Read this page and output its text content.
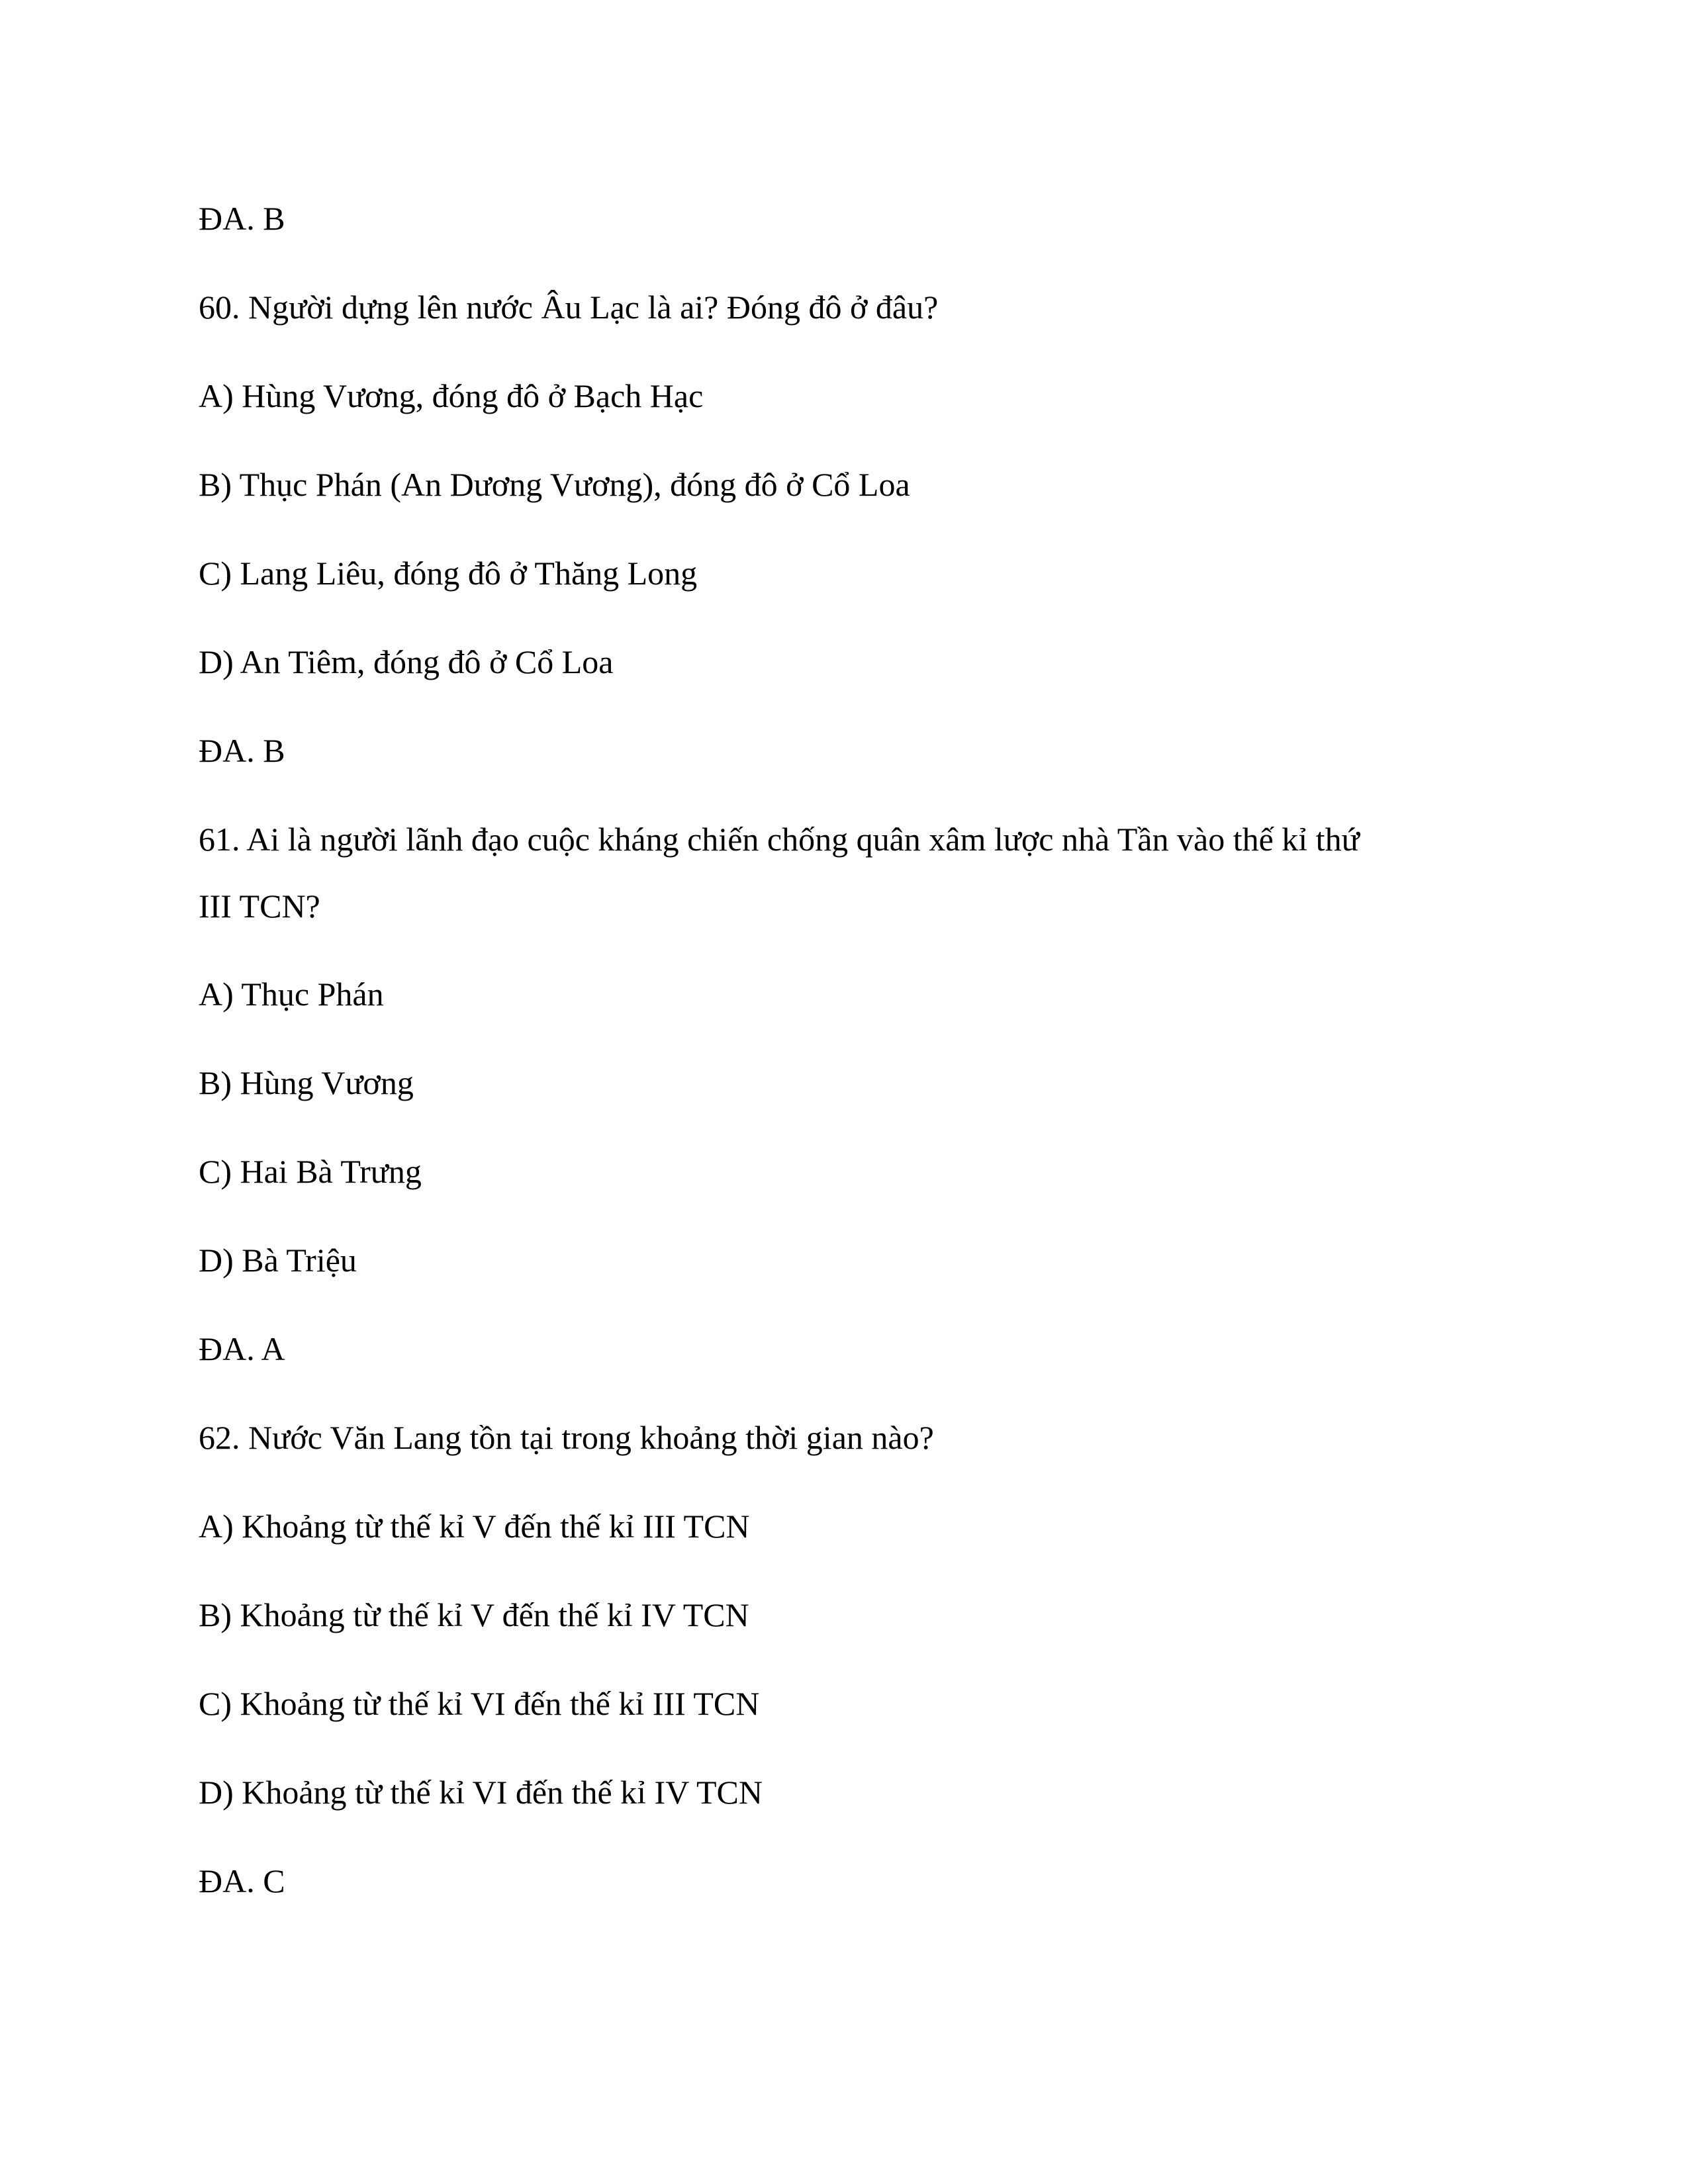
ĐA. B

60. Người dựng lên nước Âu Lạc là ai? Đóng đô ở đâu?

A) Hùng Vương, đóng đô ở Bạch Hạc

B) Thục Phán (An Dương Vương), đóng đô ở Cổ Loa

C) Lang Liêu, đóng đô ở Thăng Long

D) An Tiêm, đóng đô ở Cổ Loa

ĐA. B

61. Ai là người lãnh đạo cuộc kháng chiến chống quân xâm lược nhà Tần vào thế kỉ thứ

III TCN?

A) Thục Phán

B) Hùng Vương

C) Hai Bà Trưng

D) Bà Triệu

ĐA. A

62. Nước Văn Lang tồn tại trong khoảng thời gian nào?

A) Khoảng từ thế kỉ V đến thế kỉ III TCN

B) Khoảng từ thế kỉ V đến thế kỉ IV TCN

C) Khoảng từ thế kỉ VI đến thế kỉ III TCN

D) Khoảng từ thế kỉ VI đến thế kỉ IV TCN

ĐA. C
